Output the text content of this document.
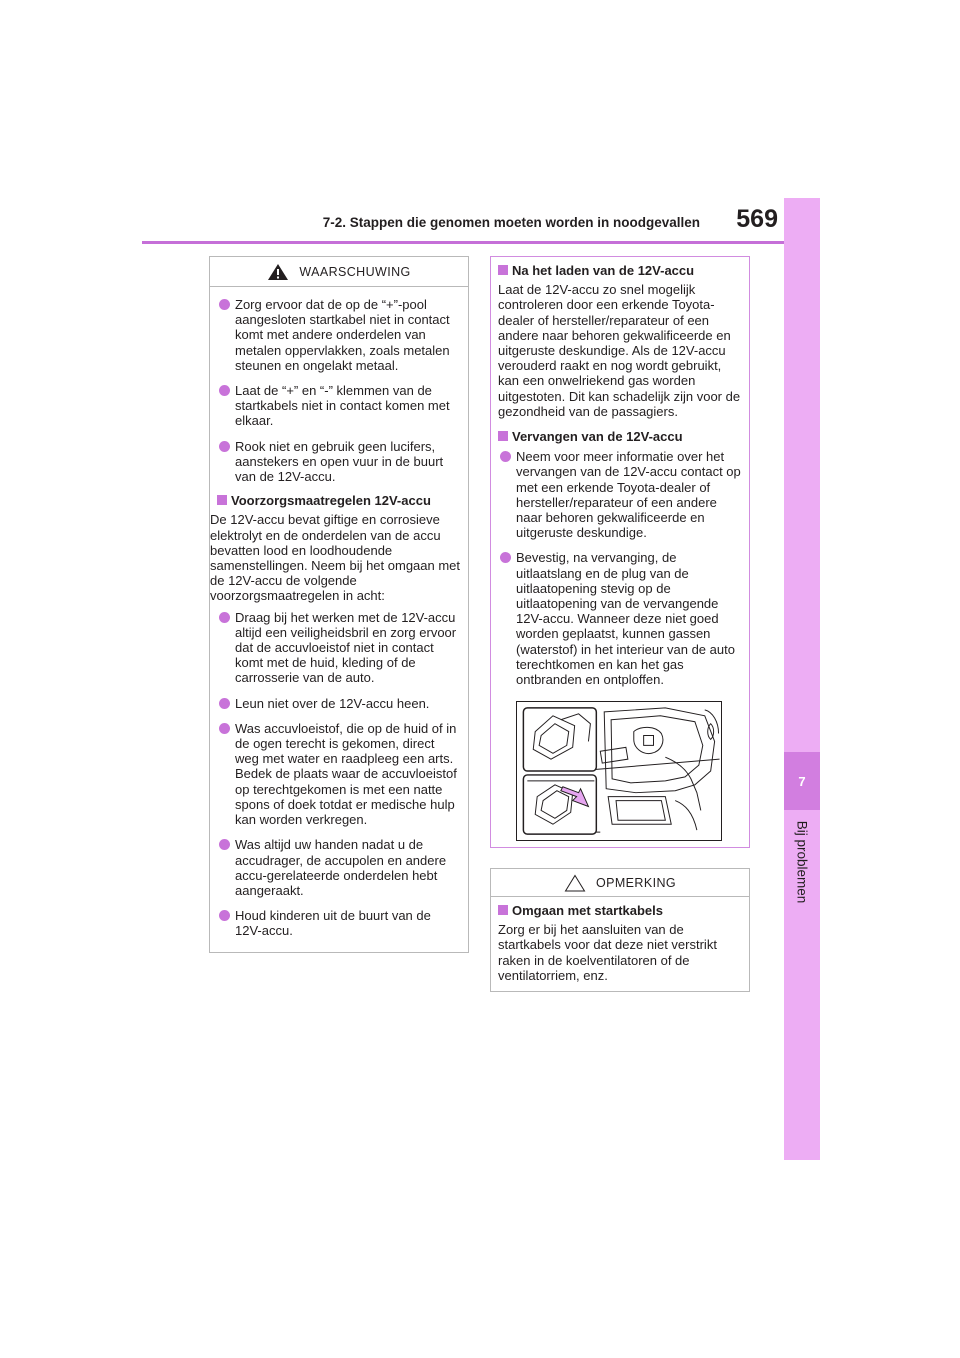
7
Bij problemen
7-2. Stappen die genomen moeten worden in noodgevallen	569
WAARSCHUWING
Zorg ervoor dat de op de “+”-pool aangesloten startkabel niet in contact komt met andere onderdelen van metalen oppervlakken, zoals metalen steunen en ongelakt metaal.
Laat de “+” en “-” klemmen van de startkabels niet in contact komen met elkaar.
Rook niet en gebruik geen lucifers, aanstekers en open vuur in de buurt van de 12V-accu.
Voorzorgsmaatregelen 12V-accu
De 12V-accu bevat giftige en corrosieve elektrolyt en de onderdelen van de accu bevatten lood en loodhoudende samenstellingen. Neem bij het omgaan met de 12V-accu de volgende voorzorgsmaatregelen in acht:
Draag bij het werken met de 12V-accu altijd een veiligheidsbril en zorg ervoor dat de accuvloeistof niet in contact komt met de huid, kleding of de carrosserie van de auto.
Leun niet over de 12V-accu heen.
Was accuvloeistof, die op de huid of in de ogen terecht is gekomen, direct weg met water en raadpleeg een arts. Bedek de plaats waar de accuvloeistof op terechtgekomen is met een natte spons of doek totdat er medische hulp kan worden verkregen.
Was altijd uw handen nadat u de accudrager, de accupolen en andere accu-gerelateerde onderdelen hebt aangeraakt.
Houd kinderen uit de buurt van de 12V-accu.
Na het laden van de 12V-accu
Laat de 12V-accu zo snel mogelijk controleren door een erkende Toyota-dealer of hersteller/reparateur of een andere naar behoren gekwalificeerde en uitgeruste deskundige. Als de 12V-accu verouderd raakt en nog wordt gebruikt, kan een onwelriekend gas worden uitgestoten. Dit kan schadelijk zijn voor de gezondheid van de passagiers.
Vervangen van de 12V-accu
Neem voor meer informatie over het vervangen van de 12V-accu contact op met een erkende Toyota-dealer of hersteller/reparateur of een andere naar behoren gekwalificeerde en uitgeruste deskundige.
Bevestig, na vervanging, de uitlaatslang en de plug van de uitlaatopening stevig op de uitlaatopening van de vervangende 12V-accu. Wanneer deze niet goed worden geplaatst, kunnen gassen (waterstof) in het interieur van de auto terechtkomen en kan het gas ontbranden en ontploffen.
OPMERKING
Omgaan met startkabels
Zorg er bij het aansluiten van de startkabels voor dat deze niet verstrikt raken in de koelventilatoren of de ventilatorriem, enz.
